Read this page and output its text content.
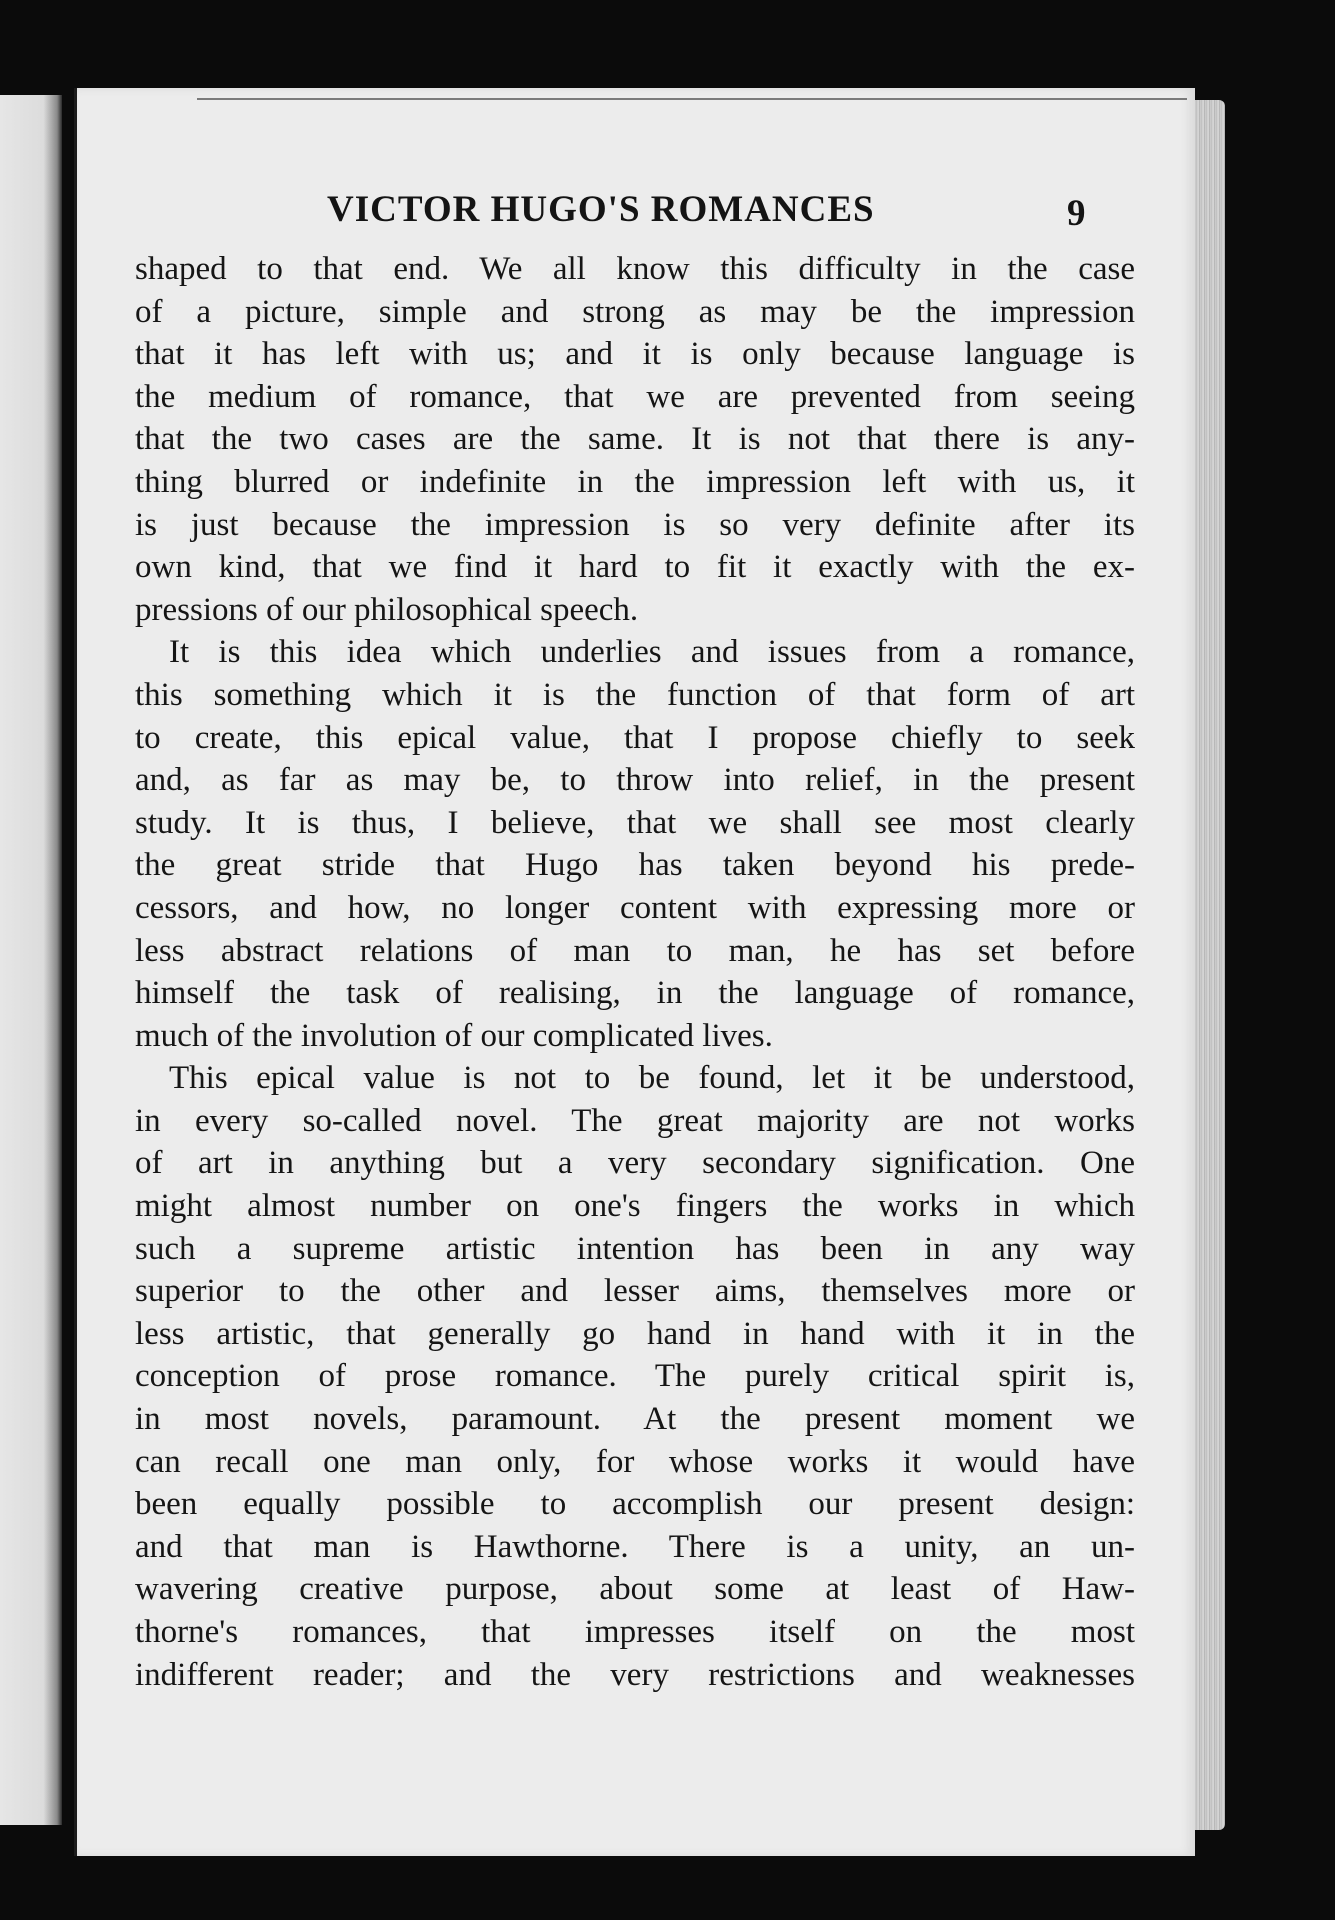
VICTOR HUGO'S ROMANCES	9
shaped to that end. We all know this difficulty in the case
of a picture, simple and strong as may be the impression
that it has left with us; and it is only because language is
the medium of romance, that we are prevented from seeing
that the two cases are the same. It is not that there is any-
thing blurred or indefinite in the impression left with us, it
is just because the impression is so very definite after its
own kind, that we find it hard to fit it exactly with the ex-
pressions of our philosophical speech.
It is this idea which underlies and issues from a romance,
this something which it is the function of that form of art
to create, this epical value, that I propose chiefly to seek
and, as far as may be, to throw into relief, in the present
study. It is thus, I believe, that we shall see most clearly
the great stride that Hugo has taken beyond his prede-
cessors, and how, no longer content with expressing more or
less abstract relations of man to man, he has set before
himself the task of realising, in the language of romance,
much of the involution of our complicated lives.
This epical value is not to be found, let it be understood,
in every so-called novel. The great majority are not works
of art in anything but a very secondary signification. One
might almost number on one's fingers the works in which
such a supreme artistic intention has been in any way
superior to the other and lesser aims, themselves more or
less artistic, that generally go hand in hand with it in the
conception of prose romance. The purely critical spirit is,
in most novels, paramount. At the present moment we
can recall one man only, for whose works it would have
been equally possible to accomplish our present design:
and that man is Hawthorne. There is a unity, an un-
wavering creative purpose, about some at least of Haw-
thorne's romances, that impresses itself on the most
indifferent reader; and the very restrictions and weaknesses
